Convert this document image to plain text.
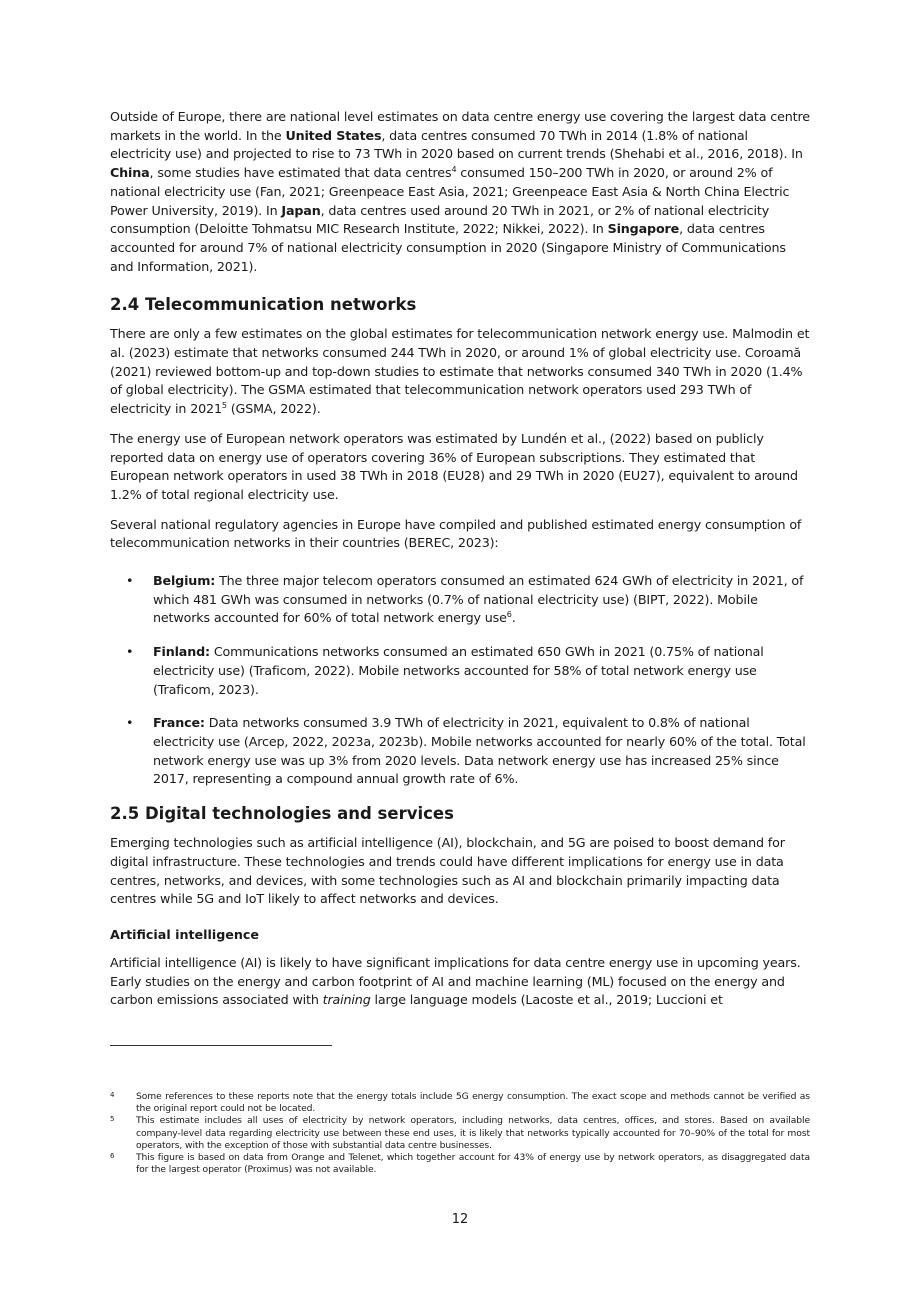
Outside of Europe, there are national level estimates on data centre energy use covering the largest data centre markets in the world. In the United States, data centres consumed 70 TWh in 2014 (1.8% of national electricity use) and projected to rise to 73 TWh in 2020 based on current trends (Shehabi et al., 2016, 2018). In China, some studies have estimated that data centres$^4$ consumed 150–200 TWh in 2020, or around 2% of national electricity use (Fan, 2021; Greenpeace East Asia, 2021; Greenpeace East Asia & North China Electric Power University, 2019). In Japan, data centres used around 20 TWh in 2021, or 2% of national electricity consumption (Deloitte Tohmatsu MIC Research Institute, 2022; Nikkei, 2022). In Singapore, data centres accounted for around 7% of national electricity consumption in 2020 (Singapore Ministry of Communications and Information, 2021).

2.4 Telecommunication networks

There are only a few estimates on the global estimates for telecommunication network energy use. Malmodin et al. (2023) estimate that networks consumed 244 TWh in 2020, or around 1% of global electricity use. Coroamă (2021) reviewed bottom-up and top-down studies to estimate that networks consumed 340 TWh in 2020 (1.4% of global electricity). The GSMA estimated that telecommunication network operators used 293 TWh of electricity in 2021$^5$ (GSMA, 2022).

The energy use of European network operators was estimated by Lundén et al., (2022) based on publicly reported data on energy use of operators covering 36% of European subscriptions. They estimated that European network operators in used 38 TWh in 2018 (EU28) and 29 TWh in 2020 (EU27), equivalent to around 1.2% of total regional electricity use.

Several national regulatory agencies in Europe have compiled and published estimated energy consumption of telecommunication networks in their countries (BEREC, 2023):

• Belgium: The three major telecom operators consumed an estimated 624 GWh of electricity in 2021, of which 481 GWh was consumed in networks (0.7% of national electricity use) (BIPT, 2022). Mobile networks accounted for 60% of total network energy use$^6$.
• Finland: Communications networks consumed an estimated 650 GWh in 2021 (0.75% of national electricity use) (Traficom, 2022). Mobile networks accounted for 58% of total network energy use (Traficom, 2023).
• France: Data networks consumed 3.9 TWh of electricity in 2021, equivalent to 0.8% of national electricity use (Arcep, 2022, 2023a, 2023b). Mobile networks accounted for nearly 60% of the total. Total network energy use was up 3% from 2020 levels. Data network energy use has increased 25% since 2017, representing a compound annual growth rate of 6%.
2.5 Digital technologies and services

Emerging technologies such as artificial intelligence (AI), blockchain, and 5G are poised to boost demand for digital infrastructure. These technologies and trends could have different implications for energy use in data centres, networks, and devices, with some technologies such as AI and blockchain primarily impacting data centres while 5G and IoT likely to affect networks and devices.

Artificial intelligence

Artificial intelligence (AI) is likely to have significant implications for data centre energy use in upcoming years. Early studies on the energy and carbon footprint of AI and machine learning (ML) focused on the energy and carbon emissions associated with training large language models (Lacoste et al., 2019; Luccioni et

4 Some references to these reports note that the energy totals include 5G energy consumption. The exact scope and methods cannot be verified as the original report could not be located.
5 This estimate includes all uses of electricity by network operators, including networks, data centres, offices, and stores. Based on available company-level data regarding electricity use between these end uses, it is likely that networks typically accounted for 70–90% of the total for most operators, with the exception of those with substantial data centre businesses.
6 This figure is based on data from Orange and Telenet, which together account for 43% of energy use by network operators, as disaggregated data for the largest operator (Proximus) was not available.
12
